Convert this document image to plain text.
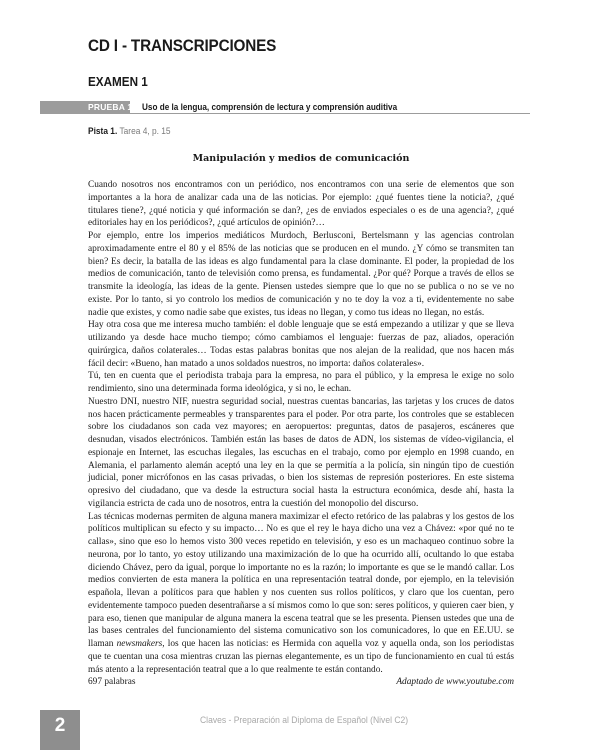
CD I - TRANSCRIPCIONES
EXAMEN 1
PRUEBA 1 Uso de la lengua, comprensión de lectura y comprensión auditiva
Pista 1. Tarea 4, p. 15
Manipulación y medios de comunicación

Cuando nosotros nos encontramos con un periódico, nos encontramos con una serie de elementos que son importantes a la hora de analizar cada una de las noticias. Por ejemplo: ¿qué fuentes tiene la noticia?, ¿qué titulares tiene?, ¿qué noticia y qué información se dan?, ¿es de enviados especiales o es de una agencia?, ¿qué editoriales hay en los periódicos?, ¿qué artículos de opinión?…

Por ejemplo, entre los imperios mediáticos Murdoch, Berlusconi, Bertelsmann y las agencias controlan aproximadamente entre el 80 y el 85% de las noticias que se producen en el mundo. ¿Y cómo se transmiten tan bien? Es decir, la batalla de las ideas es algo fundamental para la clase dominante. El poder, la propiedad de los medios de comunicación, tanto de televisión como prensa, es fundamental. ¿Por qué? Porque a través de ellos se transmite la ideología, las ideas de la gente. Piensen ustedes siempre que lo que no se publica o no se ve no existe. Por lo tanto, si yo controlo los medios de comunicación y no te doy la voz a ti, evidentemente no sabe nadie que existes, y como nadie sabe que existes, tus ideas no llegan, y como tus ideas no llegan, no estás.

Hay otra cosa que me interesa mucho también: el doble lenguaje que se está empezando a utilizar y que se lleva utilizando ya desde hace mucho tiempo; cómo cambiamos el lenguaje: fuerzas de paz, aliados, operación quirúrgica, daños colaterales… Todas estas palabras bonitas que nos alejan de la realidad, que nos hacen más fácil decir: «Bueno, han matado a unos soldados nuestros, no importa: daños colaterales».

Tú, ten en cuenta que el periodista trabaja para la empresa, no para el público, y la empresa le exige no solo rendimiento, sino una determinada forma ideológica, y si no, le echan.

Nuestro DNI, nuestro NIF, nuestra seguridad social, nuestras cuentas bancarias, las tarjetas y los cruces de datos nos hacen prácticamente permeables y transparentes para el poder. Por otra parte, los controles que se establecen sobre los ciudadanos son cada vez mayores; en aeropuertos: preguntas, datos de pasajeros, escáneres que desnudan, visados electrónicos. También están las bases de datos de ADN, los sistemas de vídeo-vigilancia, el espionaje en Internet, las escuchas ilegales, las escuchas en el trabajo, como por ejemplo en 1998 cuando, en Alemania, el parlamento alemán aceptó una ley en la que se permitía a la policía, sin ningún tipo de cuestión judicial, poner micrófonos en las casas privadas, o bien los sistemas de represión posteriores. En este sistema opresivo del ciudadano, que va desde la estructura social hasta la estructura económica, desde ahí, hasta la vigilancia estricta de cada uno de nosotros, entra la cuestión del monopolio del discurso.

Las técnicas modernas permiten de alguna manera maximizar el efecto retórico de las palabras y los gestos de los políticos multiplican su efecto y su impacto… No es que el rey le haya dicho una vez a Chávez: «por qué no te callas», sino que eso lo hemos visto 300 veces repetido en televisión, y eso es un machaqueo continuo sobre la neurona, por lo tanto, yo estoy utilizando una maximización de lo que ha ocurrido allí, ocultando lo que estaba diciendo Chávez, pero da igual, porque lo importante no es la razón; lo importante es que se le mandó callar. Los medios convierten de esta manera la política en una representación teatral donde, por ejemplo, en la televisión española, llevan a políticos para que hablen y nos cuenten sus rollos políticos, y claro que los cuentan, pero evidentemente tampoco pueden desentrañarse a sí mismos como lo que son: seres políticos, y quieren caer bien, y para eso, tienen que manipular de alguna manera la escena teatral que se les presenta. Piensen ustedes que una de las bases centrales del funcionamiento del sistema comunicativo son los comunicadores, lo que en EE.UU. se llaman newsmakers, los que hacen las noticias: es Hermida con aquella voz y aquella onda, son los periodistas que te cuentan una cosa mientras cruzan las piernas elegantemente, es un tipo de funcionamiento en cual tú estás más atento a la representación teatral que a lo que realmente te están contando.

697 palabras	Adaptado de www.youtube.com
2	Claves - Preparación al Diploma de Español (Nivel C2)
